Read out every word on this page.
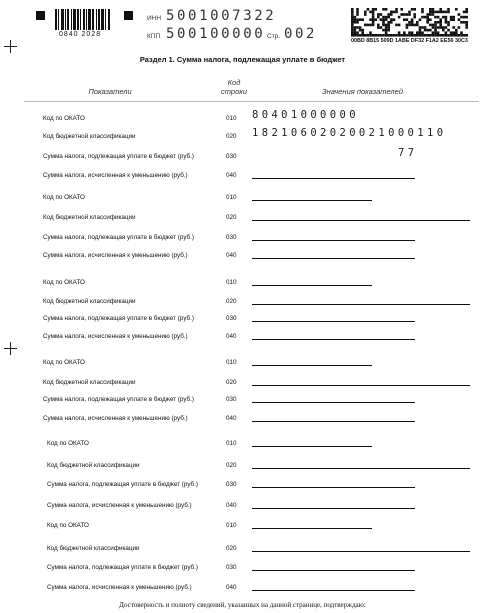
0840 2028
ИНН 5001007322
КПП 500100000 Стр. 002	00BD 8B15 509D 1ABE DF32 F1A2 EE56 30C3
Раздел 1. Сумма налога, подлежащая уплате в бюджет
Показатели
Код
строки	Значения показателей
Код по ОКАТО	010 80401000000
Код бюджетной классификации	020 18210602020021000110
Сумма налога, подлежащая уплате в бюджет (руб.)	030	77
Сумма налога, исчисленная к уменьшению (руб.)	040
Код по ОКАТО	010
Код бюджетной классификации	020
Сумма налога, подлежащая уплате в бюджет (руб.)	030
Сумма налога, исчисленная к уменьшению (руб.)	040
Код по ОКАТО	010
Код бюджетной классификации	020
Сумма налога, подлежащая уплате в бюджет (руб.)	030
Сумма налога, исчисленная к уменьшению (руб.)	040
Код по ОКАТО	010
Код бюджетной классификации	020
Сумма налога, подлежащая уплате в бюджет (руб.)	030
Сумма налога, исчисленная к уменьшению (руб.)	040
Код по ОКАТО	010
Код бюджетной классификации	020
Сумма налога, подлежащая уплате в бюджет (руб.)	030
Сумма налога, исчисленная к уменьшению (руб.)	040
Код по ОКАТО	010
Код бюджетной классификации	020
Сумма налога, подлежащая уплате в бюджет (руб.)	030
Сумма налога, исчисленная к уменьшению (руб.)	040
Достоверность и полноту сведений, указанных на данной странице, подтверждаю:
